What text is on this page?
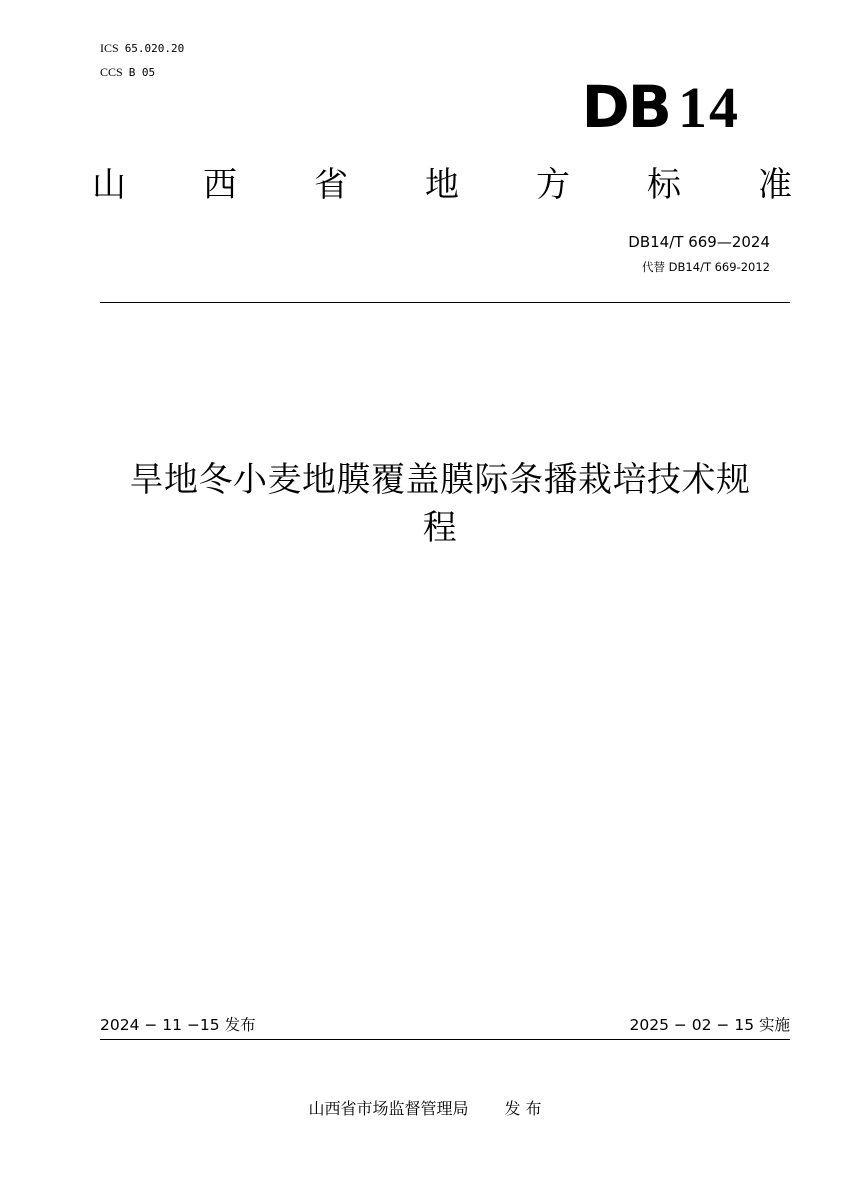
ICS 65.020.20
CCS B 05
DB 14
山 西 省 地 方 标 准
DB14/T 669—2024
代替 DB14/T 669-2012
旱地冬小麦地膜覆盖膜际条播栽培技术规
程
2024 − 11 −15 发布	2025 − 02 − 15 实施
山西省市场监督管理局 发 布
